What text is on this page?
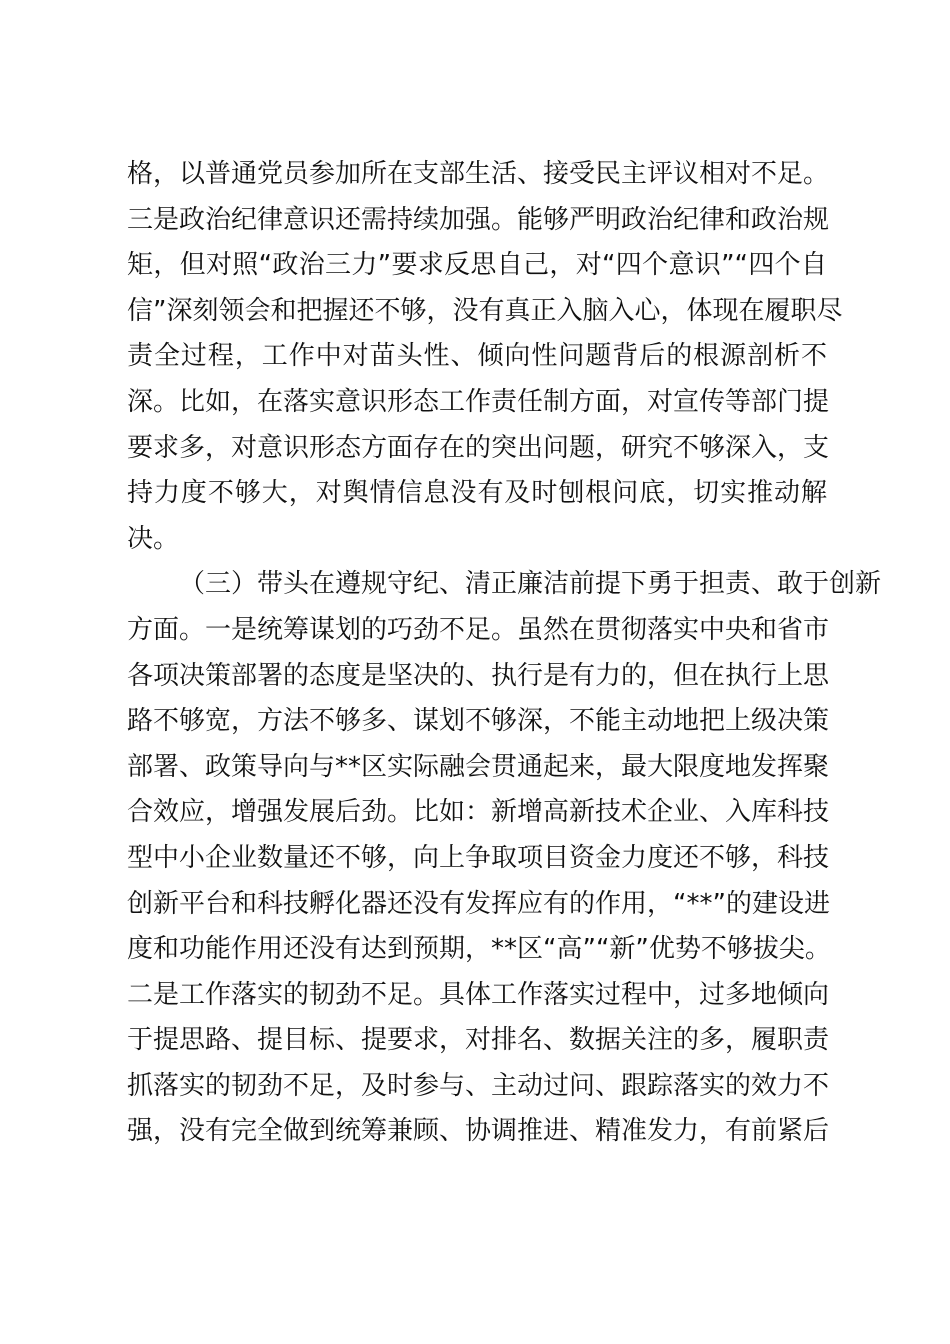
格，以普通党员参加所在支部生活、接受民主评议相对不足。
三是政治纪律意识还需持续加强。能够严明政治纪律和政治规
矩，但对照“政治三力”要求反思自己，对“四个意识”“四个自
信”深刻领会和把握还不够，没有真正入脑入心，体现在履职尽
责全过程，工作中对苗头性、倾向性问题背后的根源剖析不
深。比如，在落实意识形态工作责任制方面，对宣传等部门提
要求多，对意识形态方面存在的突出问题，研究不够深入，支
持力度不够大，对舆情信息没有及时刨根问底，切实推动解
决。
（三）带头在遵规守纪、清正廉洁前提下勇于担责、敢于创新
方面。一是统筹谋划的巧劲不足。虽然在贯彻落实中央和省市
各项决策部署的态度是坚决的、执行是有力的，但在执行上思
路不够宽，方法不够多、谋划不够深，不能主动地把上级决策
部署、政策导向与**区实际融会贯通起来，最大限度地发挥聚
合效应，增强发展后劲。比如：新增高新技术企业、入库科技
型中小企业数量还不够，向上争取项目资金力度还不够，科技
创新平台和科技孵化器还没有发挥应有的作用，“**”的建设进
度和功能作用还没有达到预期，**区“高”“新”优势不够拔尖。
二是工作落实的韧劲不足。具体工作落实过程中，过多地倾向
于提思路、提目标、提要求，对排名、数据关注的多，履职责
抓落实的韧劲不足，及时参与、主动过问、跟踪落实的效力不
强，没有完全做到统筹兼顾、协调推进、精准发力，有前紧后
